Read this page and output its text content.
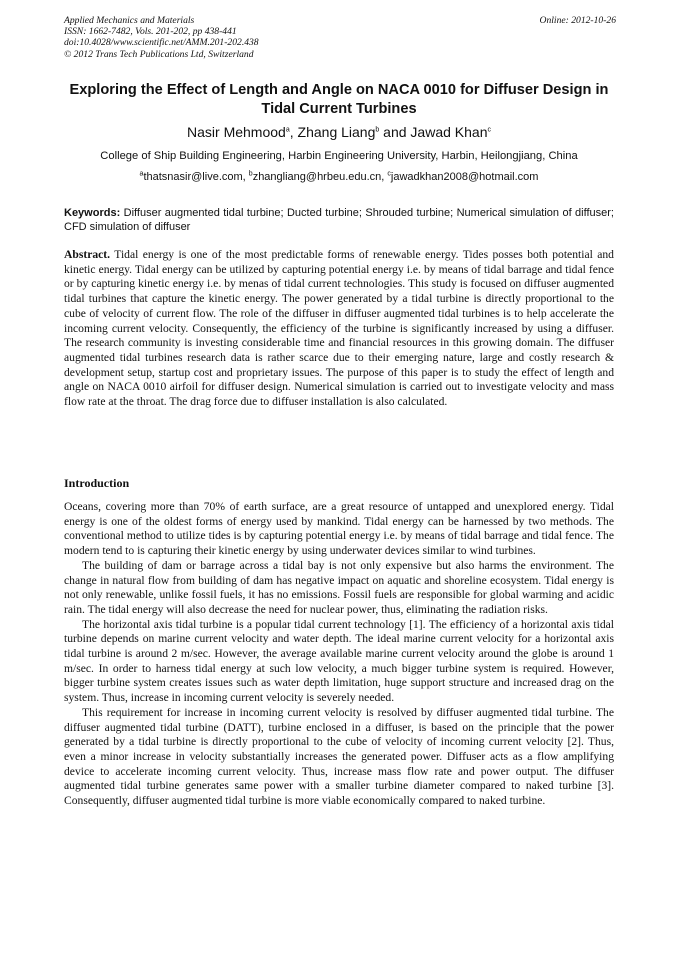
Applied Mechanics and Materials
ISSN: 1662-7482, Vols. 201-202, pp 438-441
doi:10.4028/www.scientific.net/AMM.201-202.438
© 2012 Trans Tech Publications Ltd, Switzerland
Online: 2012-10-26
Exploring the Effect of Length and Angle on NACA 0010 for Diffuser Design in Tidal Current Turbines
Nasir Mehmood$^a$, Zhang Liang$^b$ and Jawad Khan$^c$
College of Ship Building Engineering, Harbin Engineering University, Harbin, Heilongjiang, China
$^a$thatsnasir@live.com, $^b$zhangliang@hrbeu.edu.cn, $^c$jawadkhan2008@hotmail.com
Keywords: Diffuser augmented tidal turbine; Ducted turbine; Shrouded turbine; Numerical simulation of diffuser; CFD simulation of diffuser
Abstract. Tidal energy is one of the most predictable forms of renewable energy. Tides posses both potential and kinetic energy. Tidal energy can be utilized by capturing potential energy i.e. by means of tidal barrage and tidal fence or by capturing kinetic energy i.e. by menas of tidal current technologies. This study is focused on diffuser augmented tidal turbines that capture the kinetic energy. The power generated by a tidal turbine is directly proportional to the cube of velocity of current flow. The role of the diffuser in diffuser augmented tidal turbines is to help accelerate the incoming current velocity. Consequently, the efficiency of the turbine is significantly increased by using a diffuser. The research community is investing considerable time and financial resources in this growing domain. The diffuser augmented tidal turbines research data is rather scarce due to their emerging nature, large and costly research & development setup, startup cost and proprietary issues. The purpose of this paper is to study the effect of length and angle on NACA 0010 airfoil for diffuser design. Numerical simulation is carried out to investigate velocity and mass flow rate at the throat. The drag force due to diffuser installation is also calculated.
Introduction

Oceans, covering more than 70% of earth surface, are a great resource of untapped and unexplored energy. Tidal energy is one of the oldest forms of energy used by mankind. Tidal energy can be harnessed by two methods. The conventional method to utilize tides is by capturing potential energy i.e. by means of tidal barrage and tidal fence. The modern tend to is capturing their kinetic energy by using underwater devices similar to wind turbines.

The building of dam or barrage across a tidal bay is not only expensive but also harms the environment. The change in natural flow from building of dam has negative impact on aquatic and shoreline ecosystem. Tidal energy is not only renewable, unlike fossil fuels, it has no emissions. Fossil fuels are responsible for global warming and acidic rain. The tidal energy will also decrease the need for nuclear power, thus, eliminating the radiation risks.

The horizontal axis tidal turbine is a popular tidal current technology [1]. The efficiency of a horizontal axis tidal turbine depends on marine current velocity and water depth. The ideal marine current velocity for a horizontal axis tidal turbine is around 2 m/sec. However, the average available marine current velocity around the globe is around 1 m/sec. In order to harness tidal energy at such low velocity, a much bigger turbine system is required. However, bigger turbine system creates issues such as water depth limitation, huge support structure and increased drag on the system. Thus, increase in incoming current velocity is severely needed.

This requirement for increase in incoming current velocity is resolved by diffuser augmented tidal turbine. The diffuser augmented tidal turbine (DATT), turbine enclosed in a diffuser, is based on the principle that the power generated by a tidal turbine is directly proportional to the cube of velocity of incoming current velocity [2]. Thus, even a minor increase in velocity substantially increases the generated power. Diffuser acts as a flow amplifying device to accelerate incoming current velocity. Thus, increase mass flow rate and power output. The diffuser augmented tidal turbine generates same power with a smaller turbine diameter compared to naked turbine [3]. Consequently, diffuser augmented tidal turbine is more viable economically compared to naked turbine.
